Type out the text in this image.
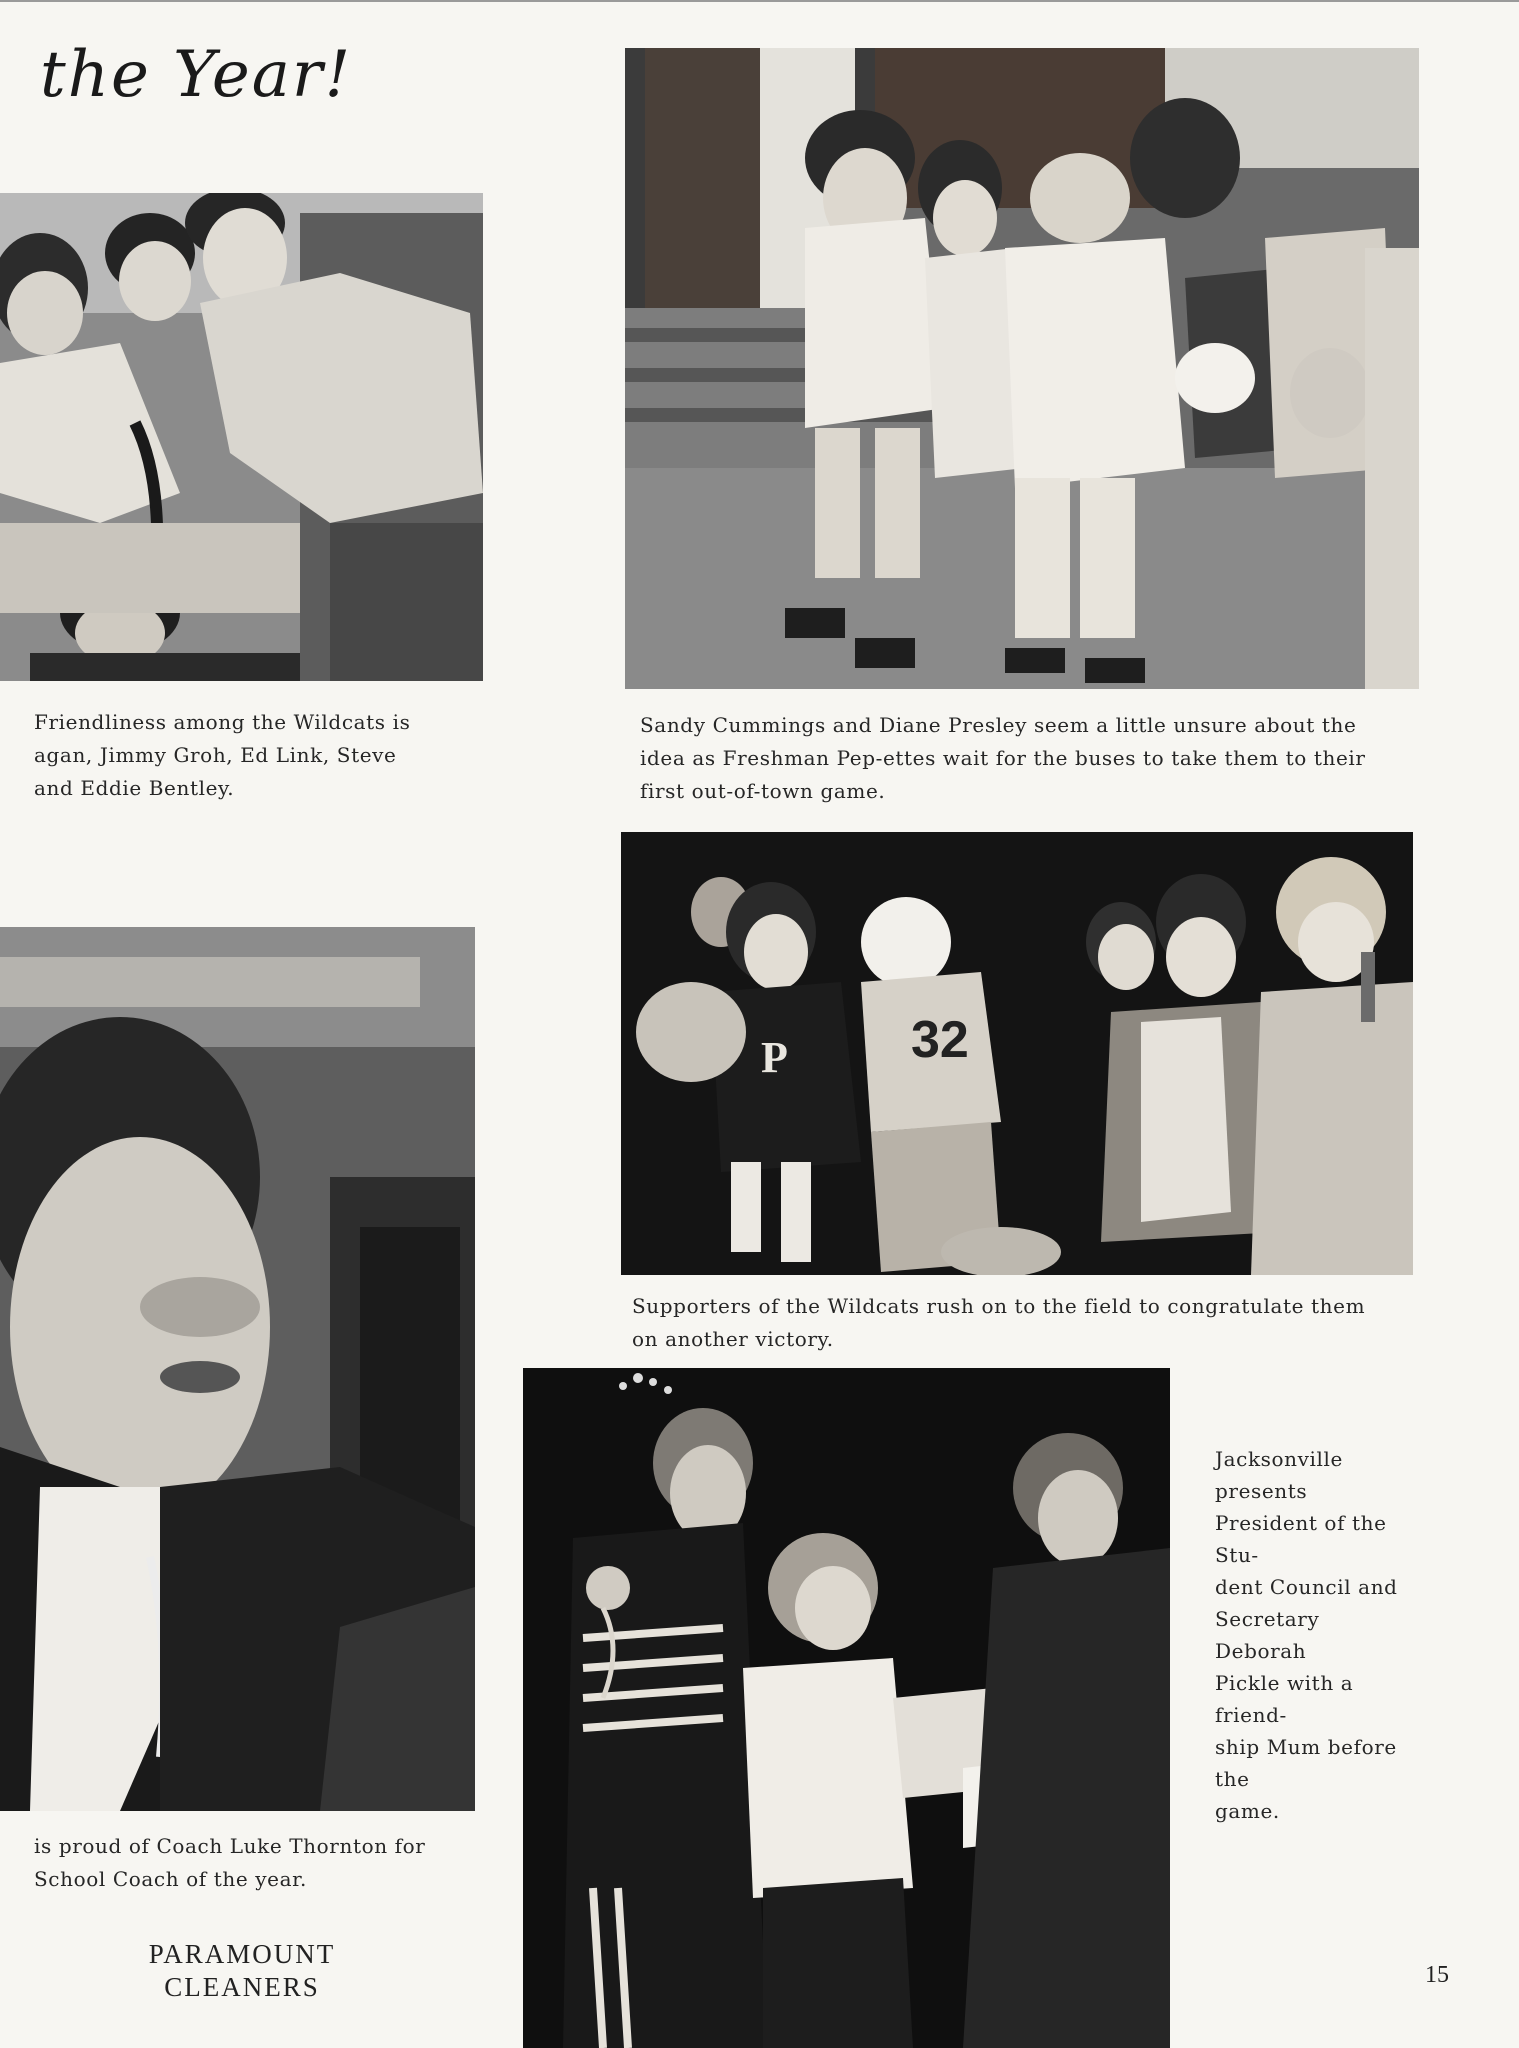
the Year!

Friendliness among the Wildcats is
agan, Jimmy Groh, Ed Link, Steve
and Eddie Bentley.

Sandy Cummings and Diane Presley seem a little unsure about the
idea as Freshman Pep-ettes wait for the buses to take them to their
first out-of-town game.

is proud of Coach Luke Thornton for
School Coach of the year.

P 32

Supporters of the Wildcats rush on to the field to congratulate them
on another victory.

Jacksonville presents
President of the Stu-
dent Council and
Secretary Deborah
Pickle with a friend-
ship Mum before the
game.

PARAMOUNT
CLEANERS	15
